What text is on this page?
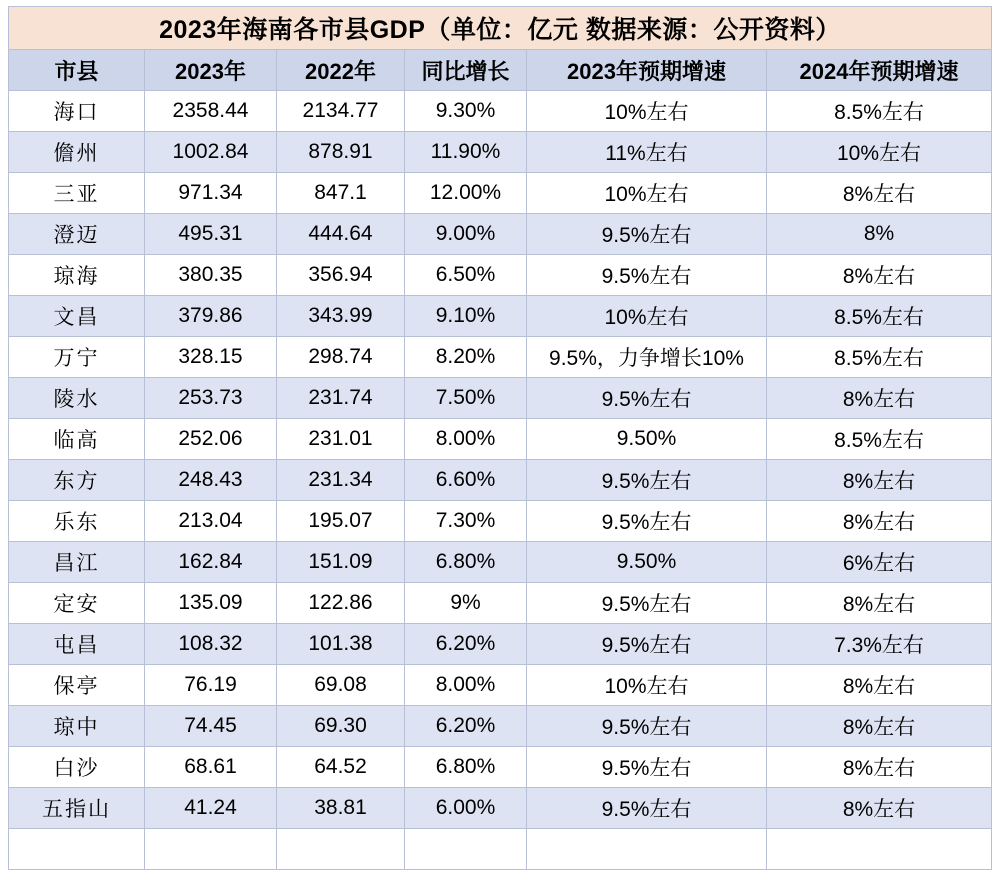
2023年海南各市县GDP（单位：亿元 数据来源：公开资料）					
市县	2023年	2022年	同比增长	2023年预期增速	2024年预期增速
海口	2358.44	2134.77	9.30%	10%左右	8.5%左右
儋州	1002.84	878.91	11.90%	11%左右	10%左右
三亚	971.34	847.1	12.00%	10%左右	8%左右
澄迈	495.31	444.64	9.00%	9.5%左右	8%
琼海	380.35	356.94	6.50%	9.5%左右	8%左右
文昌	379.86	343.99	9.10%	10%左右	8.5%左右
万宁	328.15	298.74	8.20%	9.5%，力争增长10%	8.5%左右
陵水	253.73	231.74	7.50%	9.5%左右	8%左右
临高	252.06	231.01	8.00%	9.50%	8.5%左右
东方	248.43	231.34	6.60%	9.5%左右	8%左右
乐东	213.04	195.07	7.30%	9.5%左右	8%左右
昌江	162.84	151.09	6.80%	9.50%	6%左右
定安	135.09	122.86	9%	9.5%左右	8%左右
屯昌	108.32	101.38	6.20%	9.5%左右	7.3%左右
保亭	76.19	69.08	8.00%	10%左右	8%左右
琼中	74.45	69.30	6.20%	9.5%左右	8%左右
白沙	68.61	64.52	6.80%	9.5%左右	8%左右
五指山	41.24	38.81	6.00%	9.5%左右	8%左右
